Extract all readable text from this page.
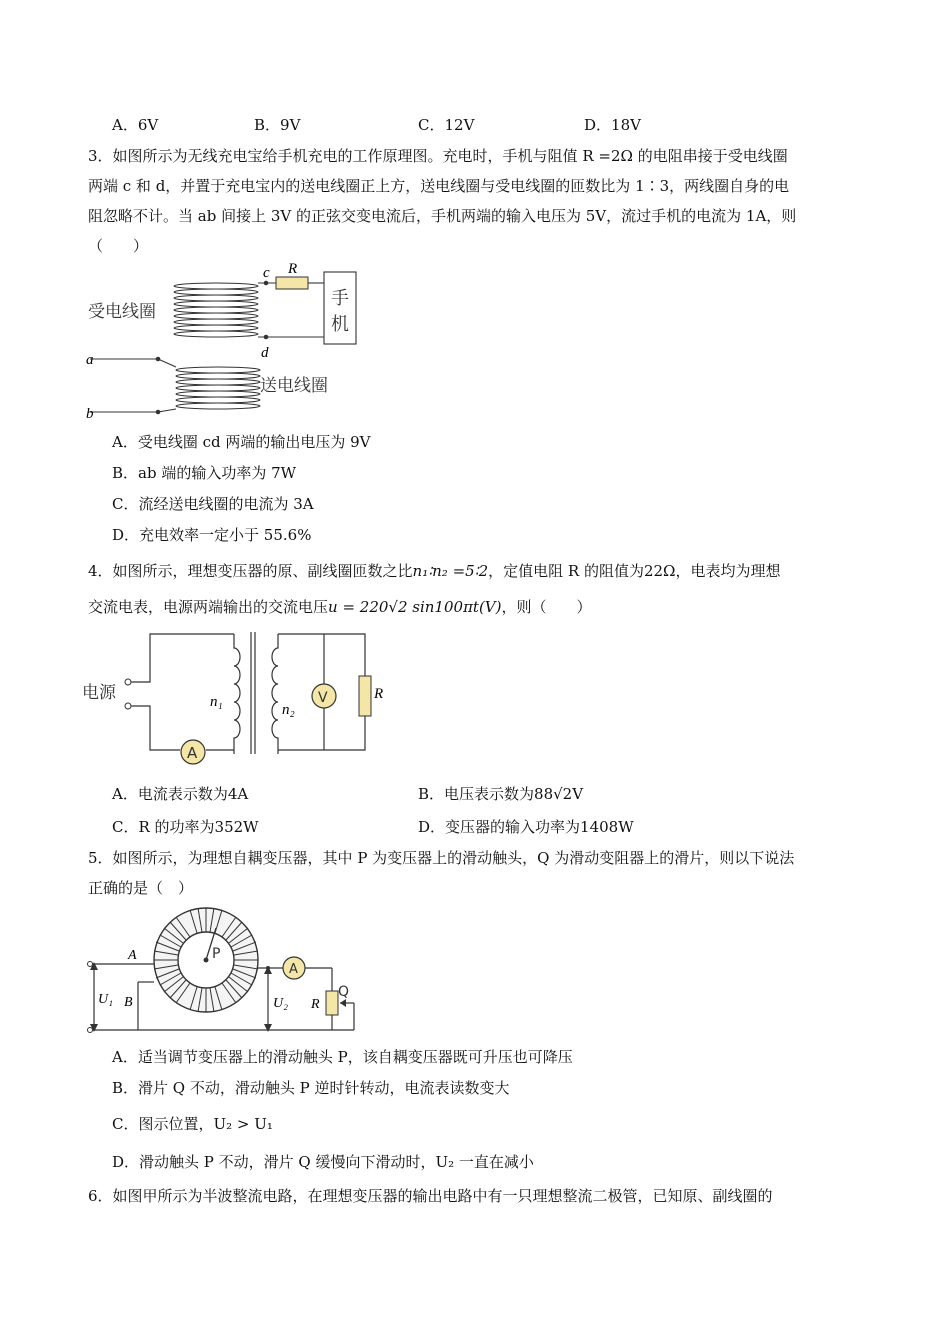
A．6V	B．9V	C．12V	D．18V
3．如图所示为无线充电宝给手机充电的工作原理图。充电时，手机与阻值 R =2Ω 的电阻串接于受电线圈
两端 c 和 d，并置于充电宝内的送电线圈正上方，送电线圈与受电线圈的匝数比为 1∶3，两线圈自身的电
阻忽略不计。当 ab 间接上 3V 的正弦交变电流后，手机两端的输入电压为 5V，流过手机的电流为 1A，则
（　　）
c R
d
a
b
受电线圈
送电线圈
手
机
A．受电线圈 cd 两端的输出电压为 9V
B．ab 端的输入功率为 7W
C．流经送电线圈的电流为 3A
D．充电效率一定小于 55.6%
4．如图所示，理想变压器的原、副线圈匝数之比n₁∶n₂ =5∶2，定值电阻 R 的阻值为22Ω，电表均为理想
交流电表，电源两端输出的交流电压u = 220√2 sin100πt(V)，则（　　）
电源
A
V	R
n₁	n₂
A．电流表示数为4A	B．电压表示数为88√2V
C．R 的功率为352W	D．变压器的输入功率为1408W
5．如图所示，为理想自耦变压器，其中 P 为变压器上的滑动触头，Q 为滑动变阻器上的滑片，则以下说法
正确的是（　）
A
A
B
P
Q
R
U₁	U₂
A．适当调节变压器上的滑动触头 P，该自耦变压器既可升压也可降压
B．滑片 Q 不动，滑动触头 P 逆时针转动，电流表读数变大
C．图示位置，U₂ > U₁
D．滑动触头 P 不动，滑片 Q 缓慢向下滑动时，U₂ 一直在减小
6．如图甲所示为半波整流电路，在理想变压器的输出电路中有一只理想整流二极管，已知原、副线圈的
